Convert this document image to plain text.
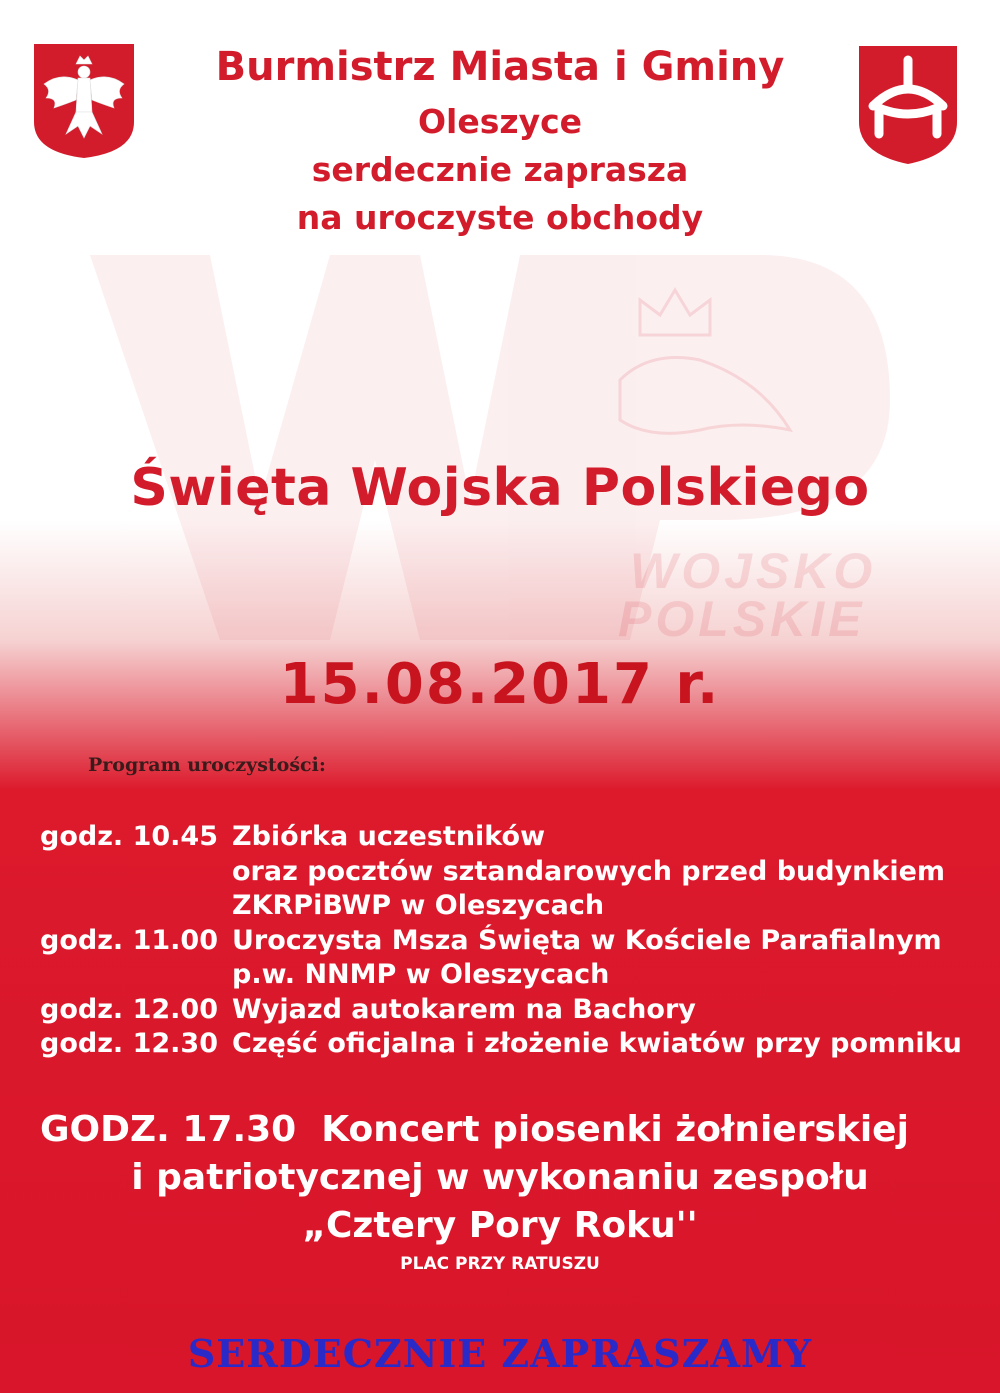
WOJSKO
POLSKIE
Burmistrz Miasta i Gminy
Oleszyce
serdecznie zaprasza
na uroczyste obchody
Święta Wojska Polskiego
15.08.2017 r.
Program uroczystości:
godz. 10.45 Zbiórka uczestników
oraz pocztów sztandarowych przed budynkiem
ZKRPiBWP w Oleszycach
godz. 11.00 Uroczysta Msza Święta w Kościele Parafialnym
p.w. NNMP w Oleszycach
godz. 12.00 Wyjazd autokarem na Bachory
godz. 12.30 Część oficjalna i złożenie kwiatów przy pomniku
GODZ. 17.30  Koncert piosenki żołnierskiej
i patriotycznej w wykonaniu zespołu
„Cztery Pory Roku''
PLAC PRZY RATUSZU
SERDECZNIE ZAPRASZAMY
